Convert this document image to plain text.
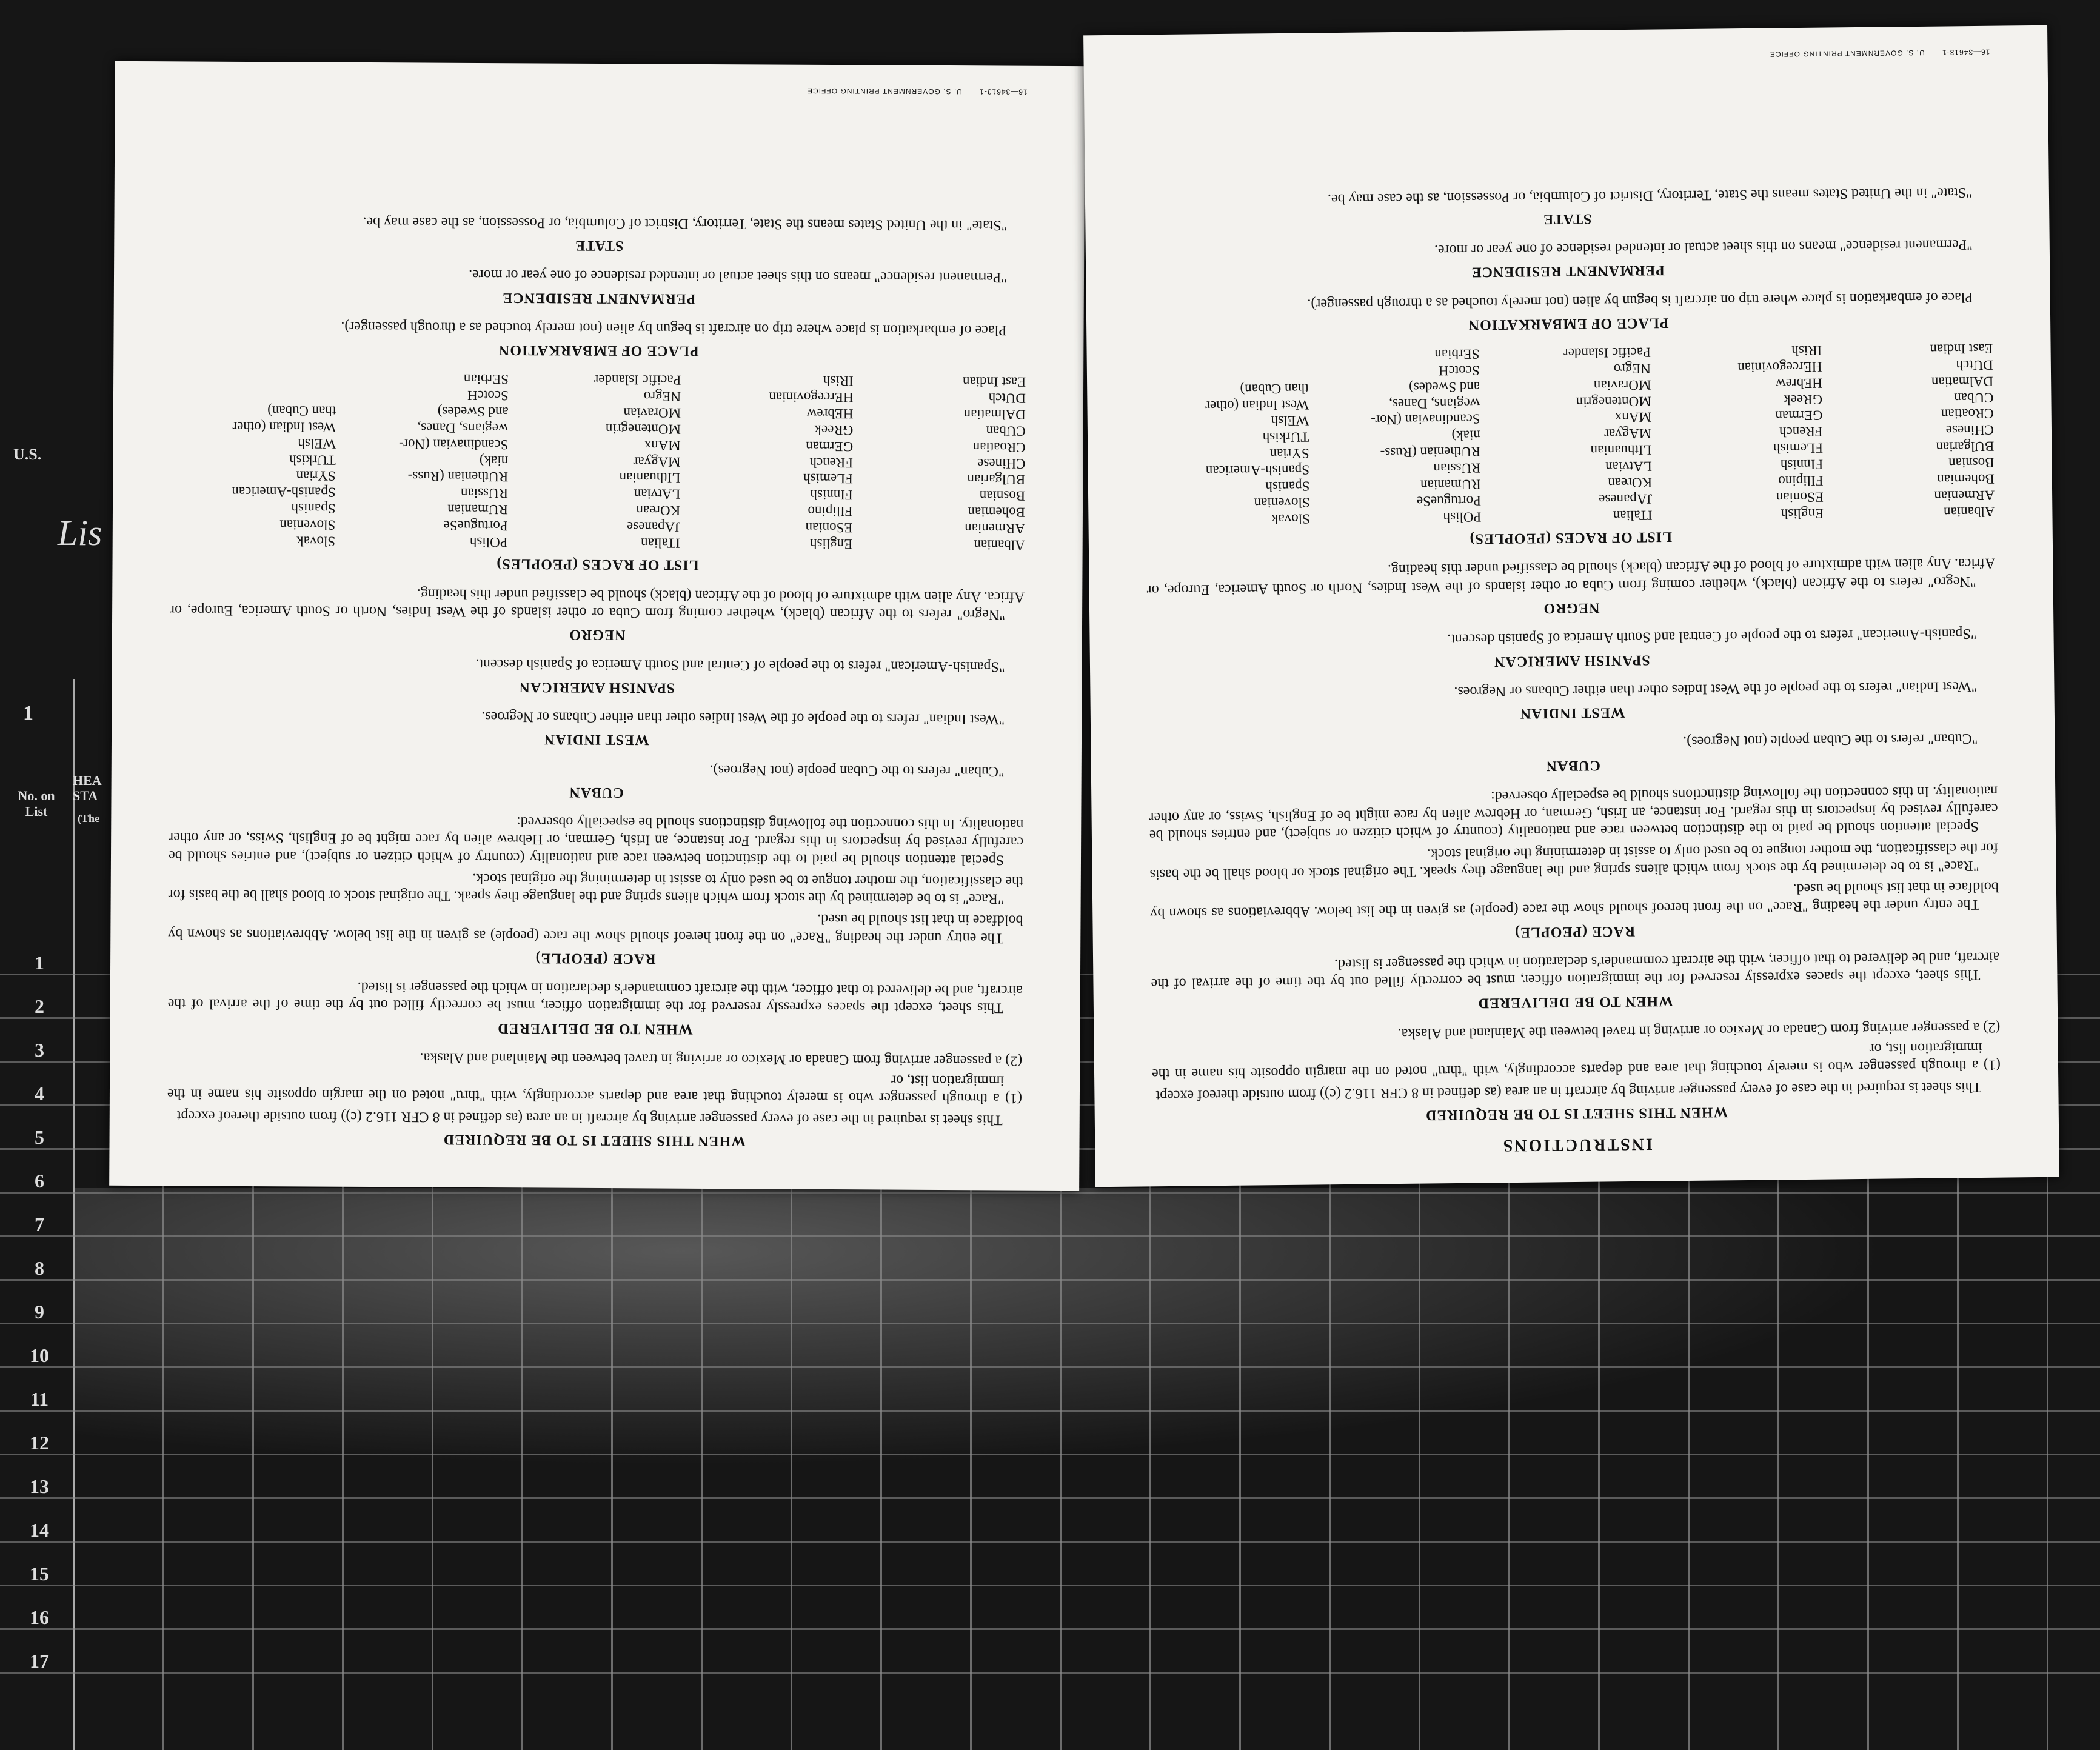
U.S.
Lis
1
No. on List
HEA
STA
(The
1
2
3
4
5
6
7
8
9
10
11
12
13
14
15
16
17
WHEN THIS SHEET IS TO BE REQUIRED

This sheet is required in the case of every passenger arriving by aircraft in an area (as defined in 8 CFR 116.2 (c)) from outside thereof except

(1) a through passenger who is merely touching that area and departs accordingly, with "thru" noted on the margin opposite his name in the immigration list, or
(2) a passenger arriving from Canada or Mexico or arriving in travel between the Mainland and Alaska.
WHEN TO BE DELIVERED

This sheet, except the spaces expressly reserved for the immigration officer, must be correctly filled out by the time of the arrival of the aircraft, and be delivered to that officer, with the aircraft commander's declaration in which the passenger is listed.

RACE (PEOPLE)

The entry under the heading "Race" on the front hereof should show the race (people) as given in the list below. Abbreviations as shown by boldface in that list should be used.

"Race" is to be determined by the stock from which aliens spring and the language they speak. The original stock or blood shall be the basis for the classification, the mother tongue to be used only to assist in determining the original stock.

Special attention should be paid to the distinction between race and nationality (country of which citizen or subject), and entries should be carefully revised by inspectors in this regard. For instance, an Irish, German, or Hebrew alien by race might be of English, Swiss, or any other nationality. In this connection the following distinctions should be especially observed:

CUBAN

"Cuban" refers to the Cuban people (not Negroes).

WEST INDIAN

"West Indian" refers to the people of the West Indies other than either Cubans or Negroes.

SPANISH AMERICAN

"Spanish-American" refers to the people of Central and South America of Spanish descent.

NEGRO

"Negro" refers to the African (black), whether coming from Cuba or other islands of the West Indies, North or South America, Europe, or Africa. Any alien with admixture of blood of the African (black) should be classified under this heading.

LIST OF RACES (PEOPLES)
Albanian
ARmenian
Bohemian
Bosnian
BUlgarian
CHinese
CRoatian
CUban
DAlmatian
DUtch
East Indian
English
ESonian
FIlipino
FInnish
FLemish
FRench
GErman
GReek
HEbrew
HErcegovinian
IRish
ITalian
JApanese
KOrean
LAtvian
LIthuanian
MAgyar
MAnx
MOntenegrin
MOravian
NEgro
Pacific Islander
POlish
PortugueSe
RUmanian
RUssian
RUthenian (Russ-
niak)
Scandinavian (Nor-
wegians, Danes,
and Swedes)
ScotcH
SErbian
Slovak
Slovenian
Spanish
Spanish-American
SYrian
TUrkish
WElsh
West Indian (other
than Cuban)
PLACE OF EMBARKATION

Place of embarkation is place where trip on aircraft is begun by alien (not merely touched as a through passenger).

PERMANENT RESIDENCE

"Permanent residence" means on this sheet actual or intended residence of one year or more.

STATE

"State" in the United States means the State, Territory, District of Columbia, or Possession, as the case may be.

16—34613-1 U. S. GOVERNMENT PRINTING OFFICE
INSTRUCTIONS
WHEN THIS SHEET IS TO BE REQUIRED

This sheet is required in the case of every passenger arriving by aircraft in an area (as defined in 8 CFR 116.2 (c)) from outside thereof except

(1) a through passenger who is merely touching that area and departs accordingly, with "thru" noted on the margin opposite his name in the immigration list, or
(2) a passenger arriving from Canada or Mexico or arriving in travel between the Mainland and Alaska.
WHEN TO BE DELIVERED

This sheet, except the spaces expressly reserved for the immigration officer, must be correctly filled out by the time of the arrival of the aircraft, and be delivered to that officer, with the aircraft commander's declaration in which the passenger is listed.

RACE (PEOPLE)

The entry under the heading "Race" on the front hereof should show the race (people) as given in the list below. Abbreviations as shown by boldface in that list should be used.

"Race" is to be determined by the stock from which aliens spring and the language they speak. The original stock or blood shall be the basis for the classification, the mother tongue to be used only to assist in determining the original stock.

Special attention should be paid to the distinction between race and nationality (country of which citizen or subject), and entries should be carefully revised by inspectors in this regard. For instance, an Irish, German, or Hebrew alien by race might be of English, Swiss, or any other nationality. In this connection the following distinctions should be especially observed:

CUBAN

"Cuban" refers to the Cuban people (not Negroes).

WEST INDIAN

"West Indian" refers to the people of the West Indies other than either Cubans or Negroes.

SPANISH AMERICAN

"Spanish-American" refers to the people of Central and South America of Spanish descent.

NEGRO

"Negro" refers to the African (black), whether coming from Cuba or other islands of the West Indies, North or South America, Europe, or Africa. Any alien with admixture of blood of the African (black) should be classified under this heading.

LIST OF RACES (PEOPLES)
Albanian
ARmenian
Bohemian
Bosnian
BUlgarian
CHinese
CRoatian
CUban
DAlmatian
DUtch
East Indian
English
ESonian
FIlipino
FInnish
FLemish
FRench
GErman
GReek
HEbrew
HErcegovinian
IRish
ITalian
JApanese
KOrean
LAtvian
LIthuanian
MAgyar
MAnx
MOntenegrin
MOravian
NEgro
Pacific Islander
POlish
PortugueSe
RUmanian
RUssian
RUthenian (Russ-
niak)
Scandinavian (Nor-
wegians, Danes,
and Swedes)
ScotcH
SErbian
Slovak
Slovenian
Spanish
Spanish-American
SYrian
TUrkish
WElsh
West Indian (other
than Cuban)
PLACE OF EMBARKATION

Place of embarkation is place where trip on aircraft is begun by alien (not merely touched as a through passenger).

PERMANENT RESIDENCE

"Permanent residence" means on this sheet actual or intended residence of one year or more.

STATE

"State" in the United States means the State, Territory, District of Columbia, or Possession, as the case may be.

16—34613-1 U. S. GOVERNMENT PRINTING OFFICE
